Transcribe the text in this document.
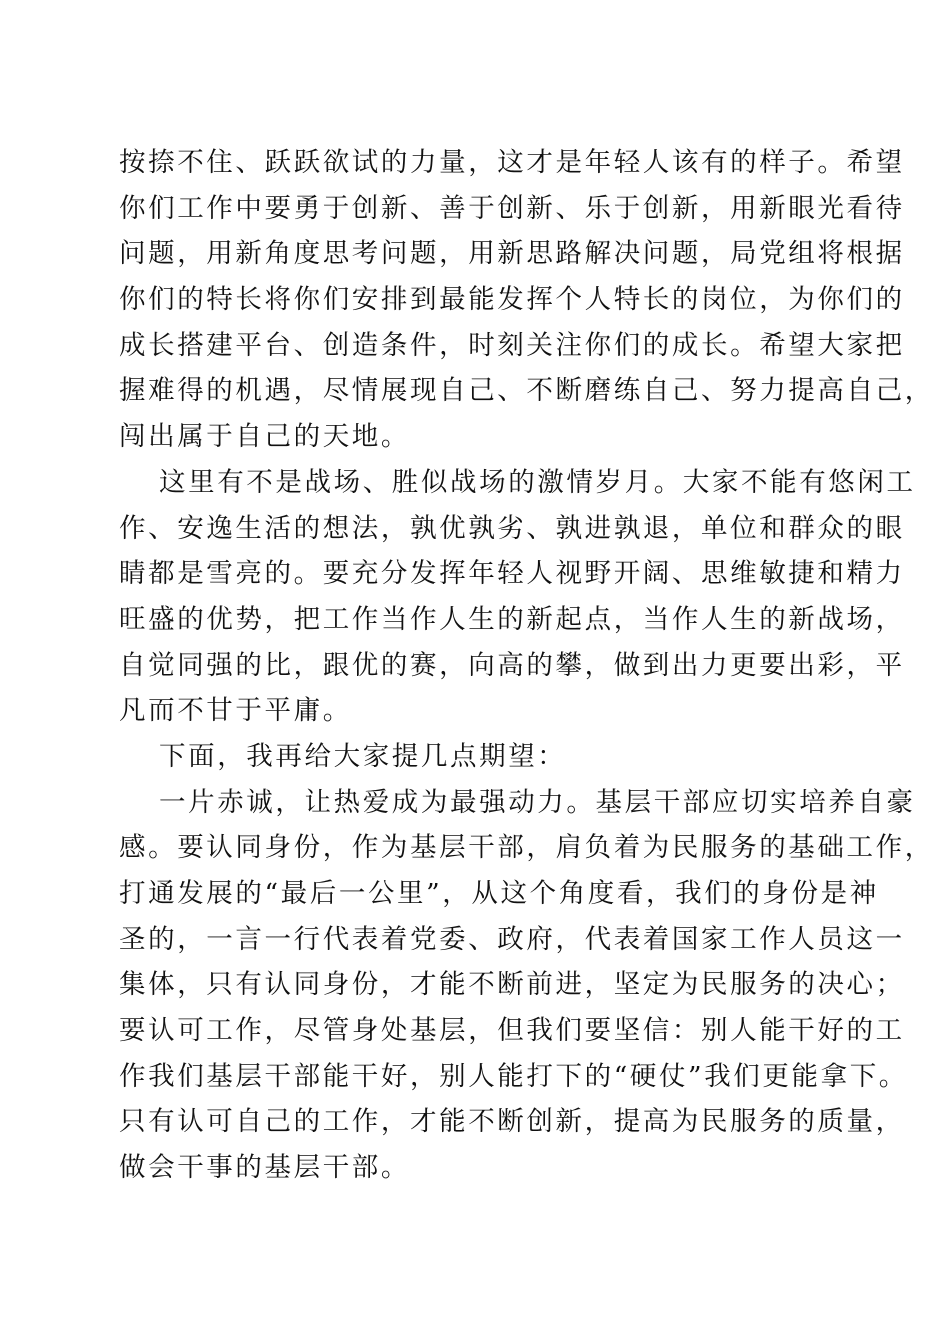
按捺不住、跃跃欲试的力量，这才是年轻人该有的样子。希望
你们工作中要勇于创新、善于创新、乐于创新，用新眼光看待
问题，用新角度思考问题，用新思路解决问题，局党组将根据
你们的特长将你们安排到最能发挥个人特长的岗位，为你们的
成长搭建平台、创造条件，时刻关注你们的成长。希望大家把
握难得的机遇，尽情展现自己、不断磨练自己、努力提高自己，
闯出属于自己的天地。
这里有不是战场、胜似战场的激情岁月。大家不能有悠闲工
作、安逸生活的想法，孰优孰劣、孰进孰退，单位和群众的眼
睛都是雪亮的。要充分发挥年轻人视野开阔、思维敏捷和精力
旺盛的优势，把工作当作人生的新起点，当作人生的新战场，
自觉同强的比，跟优的赛，向高的攀，做到出力更要出彩，平
凡而不甘于平庸。
下面，我再给大家提几点期望：
一片赤诚，让热爱成为最强动力。基层干部应切实培养自豪
感。要认同身份，作为基层干部，肩负着为民服务的基础工作，
打通发展的“最后一公里”，从这个角度看，我们的身份是神
圣的，一言一行代表着党委、政府，代表着国家工作人员这一
集体，只有认同身份，才能不断前进，坚定为民服务的决心；
要认可工作，尽管身处基层，但我们要坚信：别人能干好的工
作我们基层干部能干好，别人能打下的“硬仗”我们更能拿下。
只有认可自己的工作，才能不断创新，提高为民服务的质量，
做会干事的基层干部。
